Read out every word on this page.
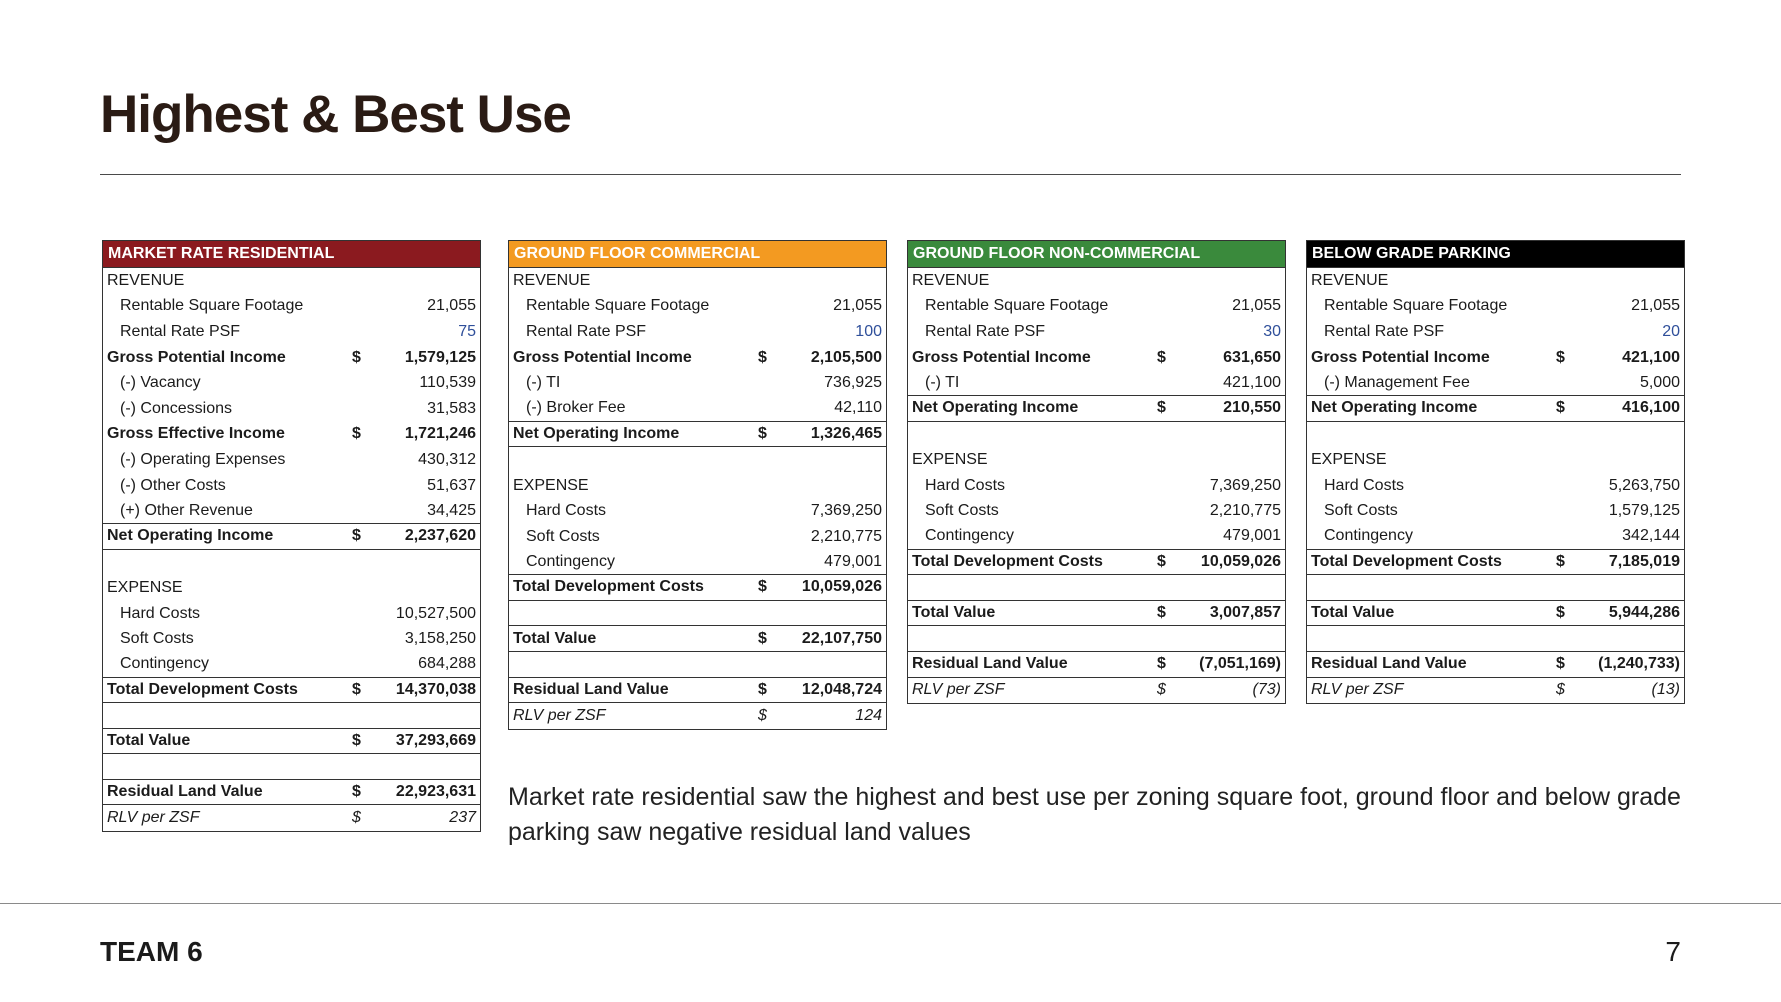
Highest & Best Use
MARKET RATE RESIDENTIAL
REVENUE
Rentable Square Footage	21,055
Rental Rate PSF	75
Gross Potential Income	$	1,579,125
(-) Vacancy	110,539
(-) Concessions	31,583
Gross Effective Income	$	1,721,246
(-) Operating Expenses	430,312
(-) Other Costs	51,637
(+) Other Revenue	34,425
Net Operating Income	$	2,237,620
EXPENSE
Hard Costs	10,527,500
Soft Costs	3,158,250
Contingency	684,288
Total Development Costs	$	14,370,038
Total Value	$	37,293,669
Residual Land Value	$	22,923,631
RLV per ZSF	$	237
GROUND FLOOR COMMERCIAL
REVENUE
Rentable Square Footage	21,055
Rental Rate PSF	100
Gross Potential Income	$	2,105,500
(-) TI	736,925
(-) Broker Fee	42,110
Net Operating Income	$	1,326,465
EXPENSE
Hard Costs	7,369,250
Soft Costs	2,210,775
Contingency	479,001
Total Development Costs	$	10,059,026
Total Value	$	22,107,750
Residual Land Value	$	12,048,724
RLV per ZSF	$	124
GROUND FLOOR NON-COMMERCIAL
REVENUE
Rentable Square Footage	21,055
Rental Rate PSF	30
Gross Potential Income	$	631,650
(-) TI	421,100
Net Operating Income	$	210,550
EXPENSE
Hard Costs	7,369,250
Soft Costs	2,210,775
Contingency	479,001
Total Development Costs	$	10,059,026
Total Value	$	3,007,857
Residual Land Value	$	(7,051,169)
RLV per ZSF	$	(73)
BELOW GRADE PARKING
REVENUE
Rentable Square Footage	21,055
Rental Rate PSF	20
Gross Potential Income	$	421,100
(-) Management Fee	5,000
Net Operating Income	$	416,100
EXPENSE
Hard Costs	5,263,750
Soft Costs	1,579,125
Contingency	342,144
Total Development Costs	$	7,185,019
Total Value	$	5,944,286
Residual Land Value	$	(1,240,733)
RLV per ZSF	$	(13)

Market rate residential saw the highest and best use per zoning square foot, ground floor and below grade parking saw negative residual land values

TEAM 6	7
